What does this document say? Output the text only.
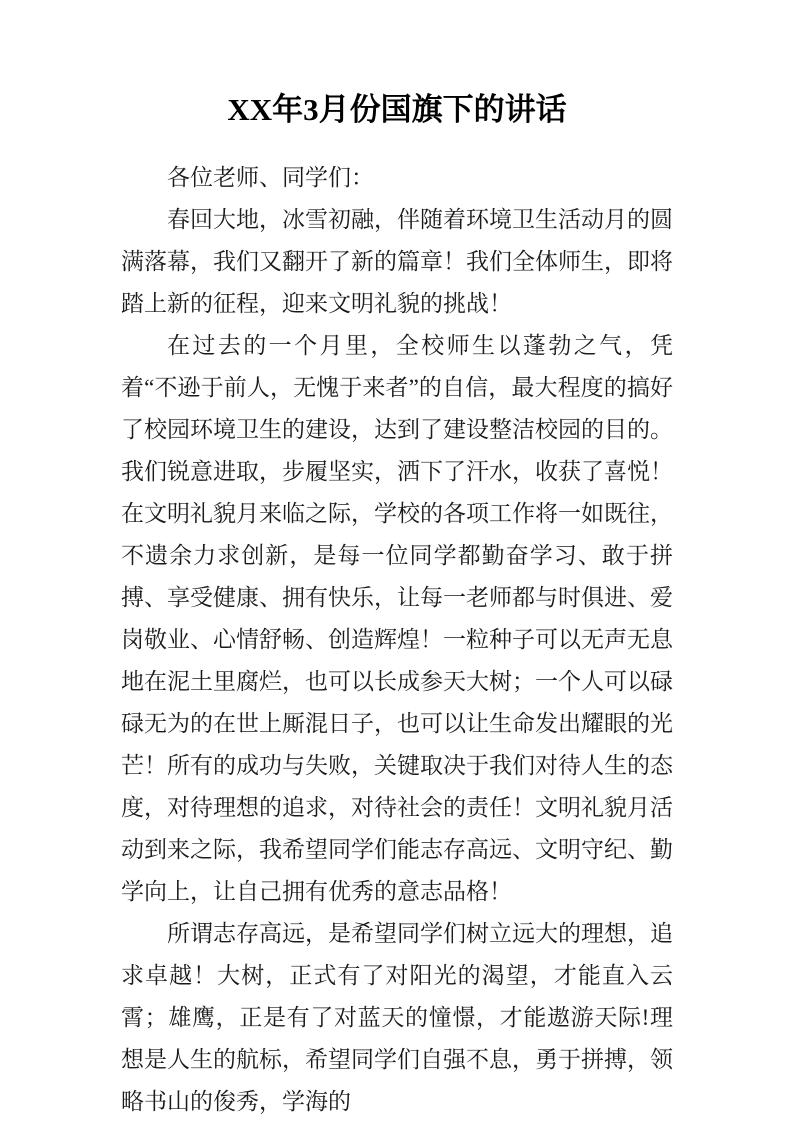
XX年3月份国旗下的讲话

各位老师、同学们：

春回大地，冰雪初融，伴随着环境卫生活动月的圆满落幕，我们又翻开了新的篇章！我们全体师生，即将踏上新的征程，迎来文明礼貌的挑战！

在过去的一个月里，全校师生以蓬勃之气，凭着“不逊于前人，无愧于来者”的自信，最大程度的搞好了校园环境卫生的建设，达到了建设整洁校园的目的。我们锐意进取，步履坚实，洒下了汗水，收获了喜悦！在文明礼貌月来临之际，学校的各项工作将一如既往，不遗余力求创新，是每一位同学都勤奋学习、敢于拼搏、享受健康、拥有快乐，让每一老师都与时俱进、爱岗敬业、心情舒畅、创造辉煌！一粒种子可以无声无息地在泥土里腐烂，也可以长成参天大树；一个人可以碌碌无为的在世上厮混日子，也可以让生命发出耀眼的光芒！所有的成功与失败，关键取决于我们对待人生的态度，对待理想的追求，对待社会的责任！文明礼貌月活动到来之际，我希望同学们能志存高远、文明守纪、勤学向上，让自己拥有优秀的意志品格！

所谓志存高远，是希望同学们树立远大的理想，追求卓越！大树，正式有了对阳光的渴望，才能直入云霄；雄鹰，正是有了对蓝天的憧憬，才能遨游天际!理想是人生的航标，希望同学们自强不息，勇于拼搏，领略书山的俊秀，学海的
